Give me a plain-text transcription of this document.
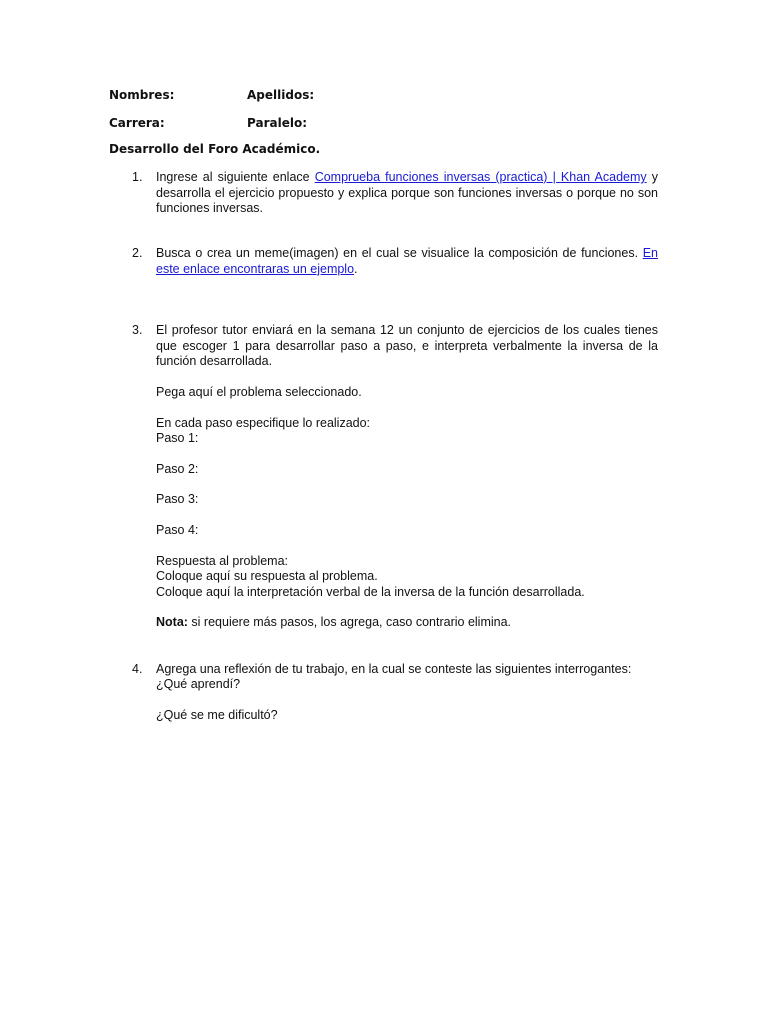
Nombres:	Apellidos:
Carrera:	Paralelo:
Desarrollo del Foro Académico.
1. Ingrese al siguiente enlace Comprueba funciones inversas (practica) | Khan Academy y desarrolla el ejercicio propuesto y explica porque son funciones inversas o porque no son funciones inversas.
2. Busca o crea un meme(imagen) en el cual se visualice la composición de funciones. En este enlace encontraras un ejemplo.
3. El profesor tutor enviará en la semana 12 un conjunto de ejercicios de los cuales tienes que escoger 1 para desarrollar paso a paso, e interpreta verbalmente la inversa de la función desarrollada.
Pega aquí el problema seleccionado.
En cada paso especifique lo realizado:
Paso 1:
Paso 2:
Paso 3:
Paso 4:
Respuesta al problema:
Coloque aquí su respuesta al problema.
Coloque aquí la interpretación verbal de la inversa de la función desarrollada.
Nota: si requiere más pasos, los agrega, caso contrario elimina.
4. Agrega una reflexión de tu trabajo, en la cual se conteste las siguientes interrogantes:
¿Qué aprendí?
¿Qué se me dificultó?
